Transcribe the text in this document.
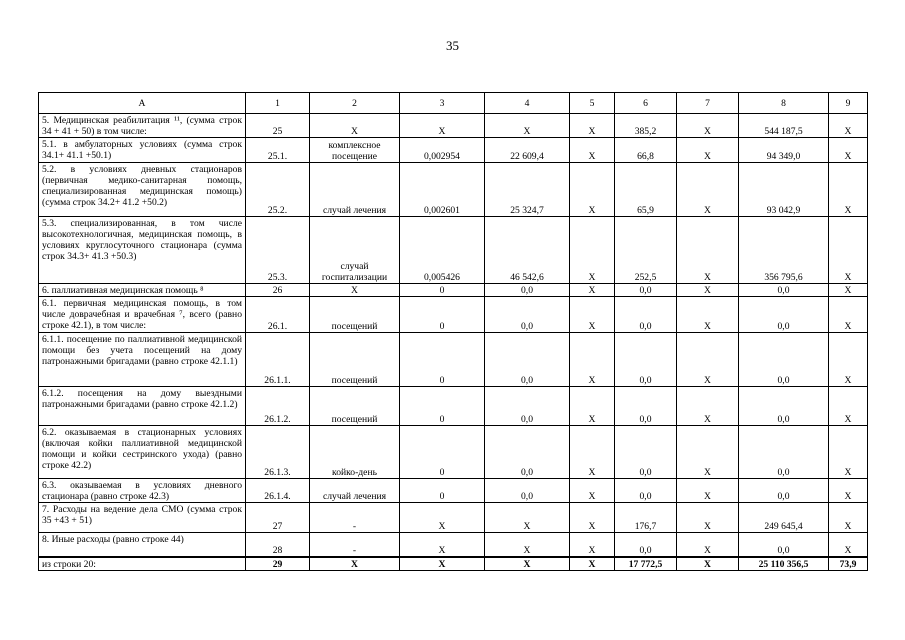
35
А	1	2	3	4	5	6	7	8	9
5. Медицинская реабилитация ¹¹, (сумма строк 34 + 41 + 50) в том числе:	25	Х	Х	Х	Х	385,2	Х	544 187,5	Х
5.1. в амбулаторных условиях (сумма строк 34.1+ 41.1 +50.1)	25.1.	комплексное посещение	0,002954	22 609,4	Х	66,8	Х	94 349,0	Х
5.2. в условиях дневных стационаров (первичная медико-санитарная помощь, специализированная медицинская помощь) (сумма строк 34.2+ 41.2 +50.2)	25.2.	случай лечения	0,002601	25 324,7	Х	65,9	Х	93 042,9	Х
5.3. специализированная, в том числе высокотехнологичная, медицинская помощь, в условиях круглосуточного стационара (сумма строк 34.3+ 41.3 +50.3)	25.3.	случай госпитализации	0,005426	46 542,6	Х	252,5	Х	356 795,6	Х
6. паллиативная медицинская помощь ⁸	26	Х	0	0,0	Х	0,0	Х	0,0	Х
6.1. первичная медицинская помощь, в том числе доврачебная и врачебная ⁷, всего (равно строке 42.1), в том числе:	26.1.	посещений	0	0,0	Х	0,0	Х	0,0	Х
6.1.1. посещение по паллиативной медицинской помощи без учета посещений на дому патронажными бригадами (равно строке 42.1.1)	26.1.1.	посещений	0	0,0	Х	0,0	Х	0,0	Х
6.1.2. посещения на дому выездными патронажными бригадами (равно строке 42.1.2)	26.1.2.	посещений	0	0,0	Х	0,0	Х	0,0	Х
6.2. оказываемая в стационарных условиях (включая койки паллиативной медицинской помощи и койки сестринского ухода) (равно строке 42.2)	26.1.3.	койко-день	0	0,0	Х	0,0	Х	0,0	Х
6.3. оказываемая в условиях дневного стационара (равно строке 42.3)	26.1.4.	случай лечения	0	0,0	Х	0,0	Х	0,0	Х
7. Расходы на ведение дела СМО (сумма строк 35 +43 + 51)	27	-	Х	Х	Х	176,7	Х	249 645,4	Х
8. Иные расходы (равно строке 44)	28	-	Х	Х	Х	0,0	Х	0,0	Х
из строки 20:	29	Х	Х	Х	Х	17 772,5	Х	25 110 356,5	73,9
